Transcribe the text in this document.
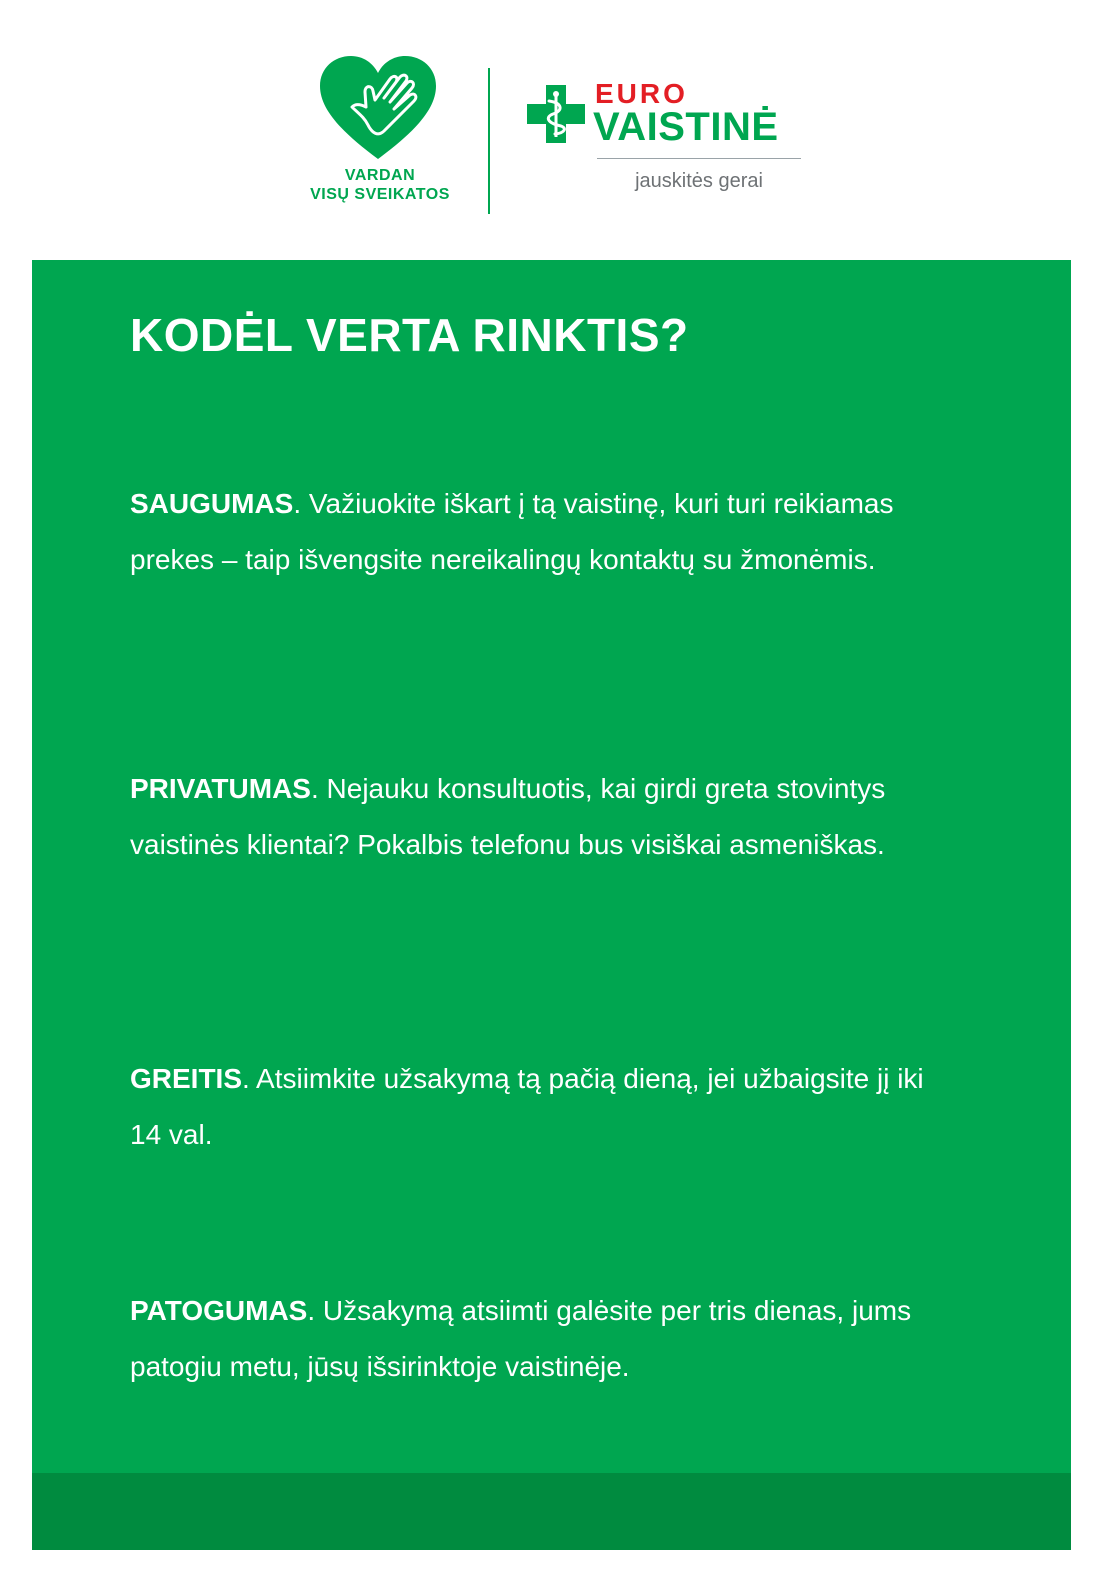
VARDAN
VISŲ SVEIKATOS
EURO
VAISTINĖ
jauskitės gerai
KODĖL VERTA RINKTIS?

SAUGUMAS. Važiuokite iškart į tą vaistinę, kuri turi reikiamas prekes – taip išvengsite nereikalingų kontaktų su žmonėmis.

PRIVATUMAS. Nejauku konsultuotis, kai girdi greta stovintys vaistinės klientai? Pokalbis telefonu bus visiškai asmeniškas.

GREITIS. Atsiimkite užsakymą tą pačią dieną, jei užbaigsite jį iki 14 val.

PATOGUMAS. Užsakymą atsiimti galėsite per tris dienas, jums patogiu metu, jūsų išsirinktoje vaistinėje.
